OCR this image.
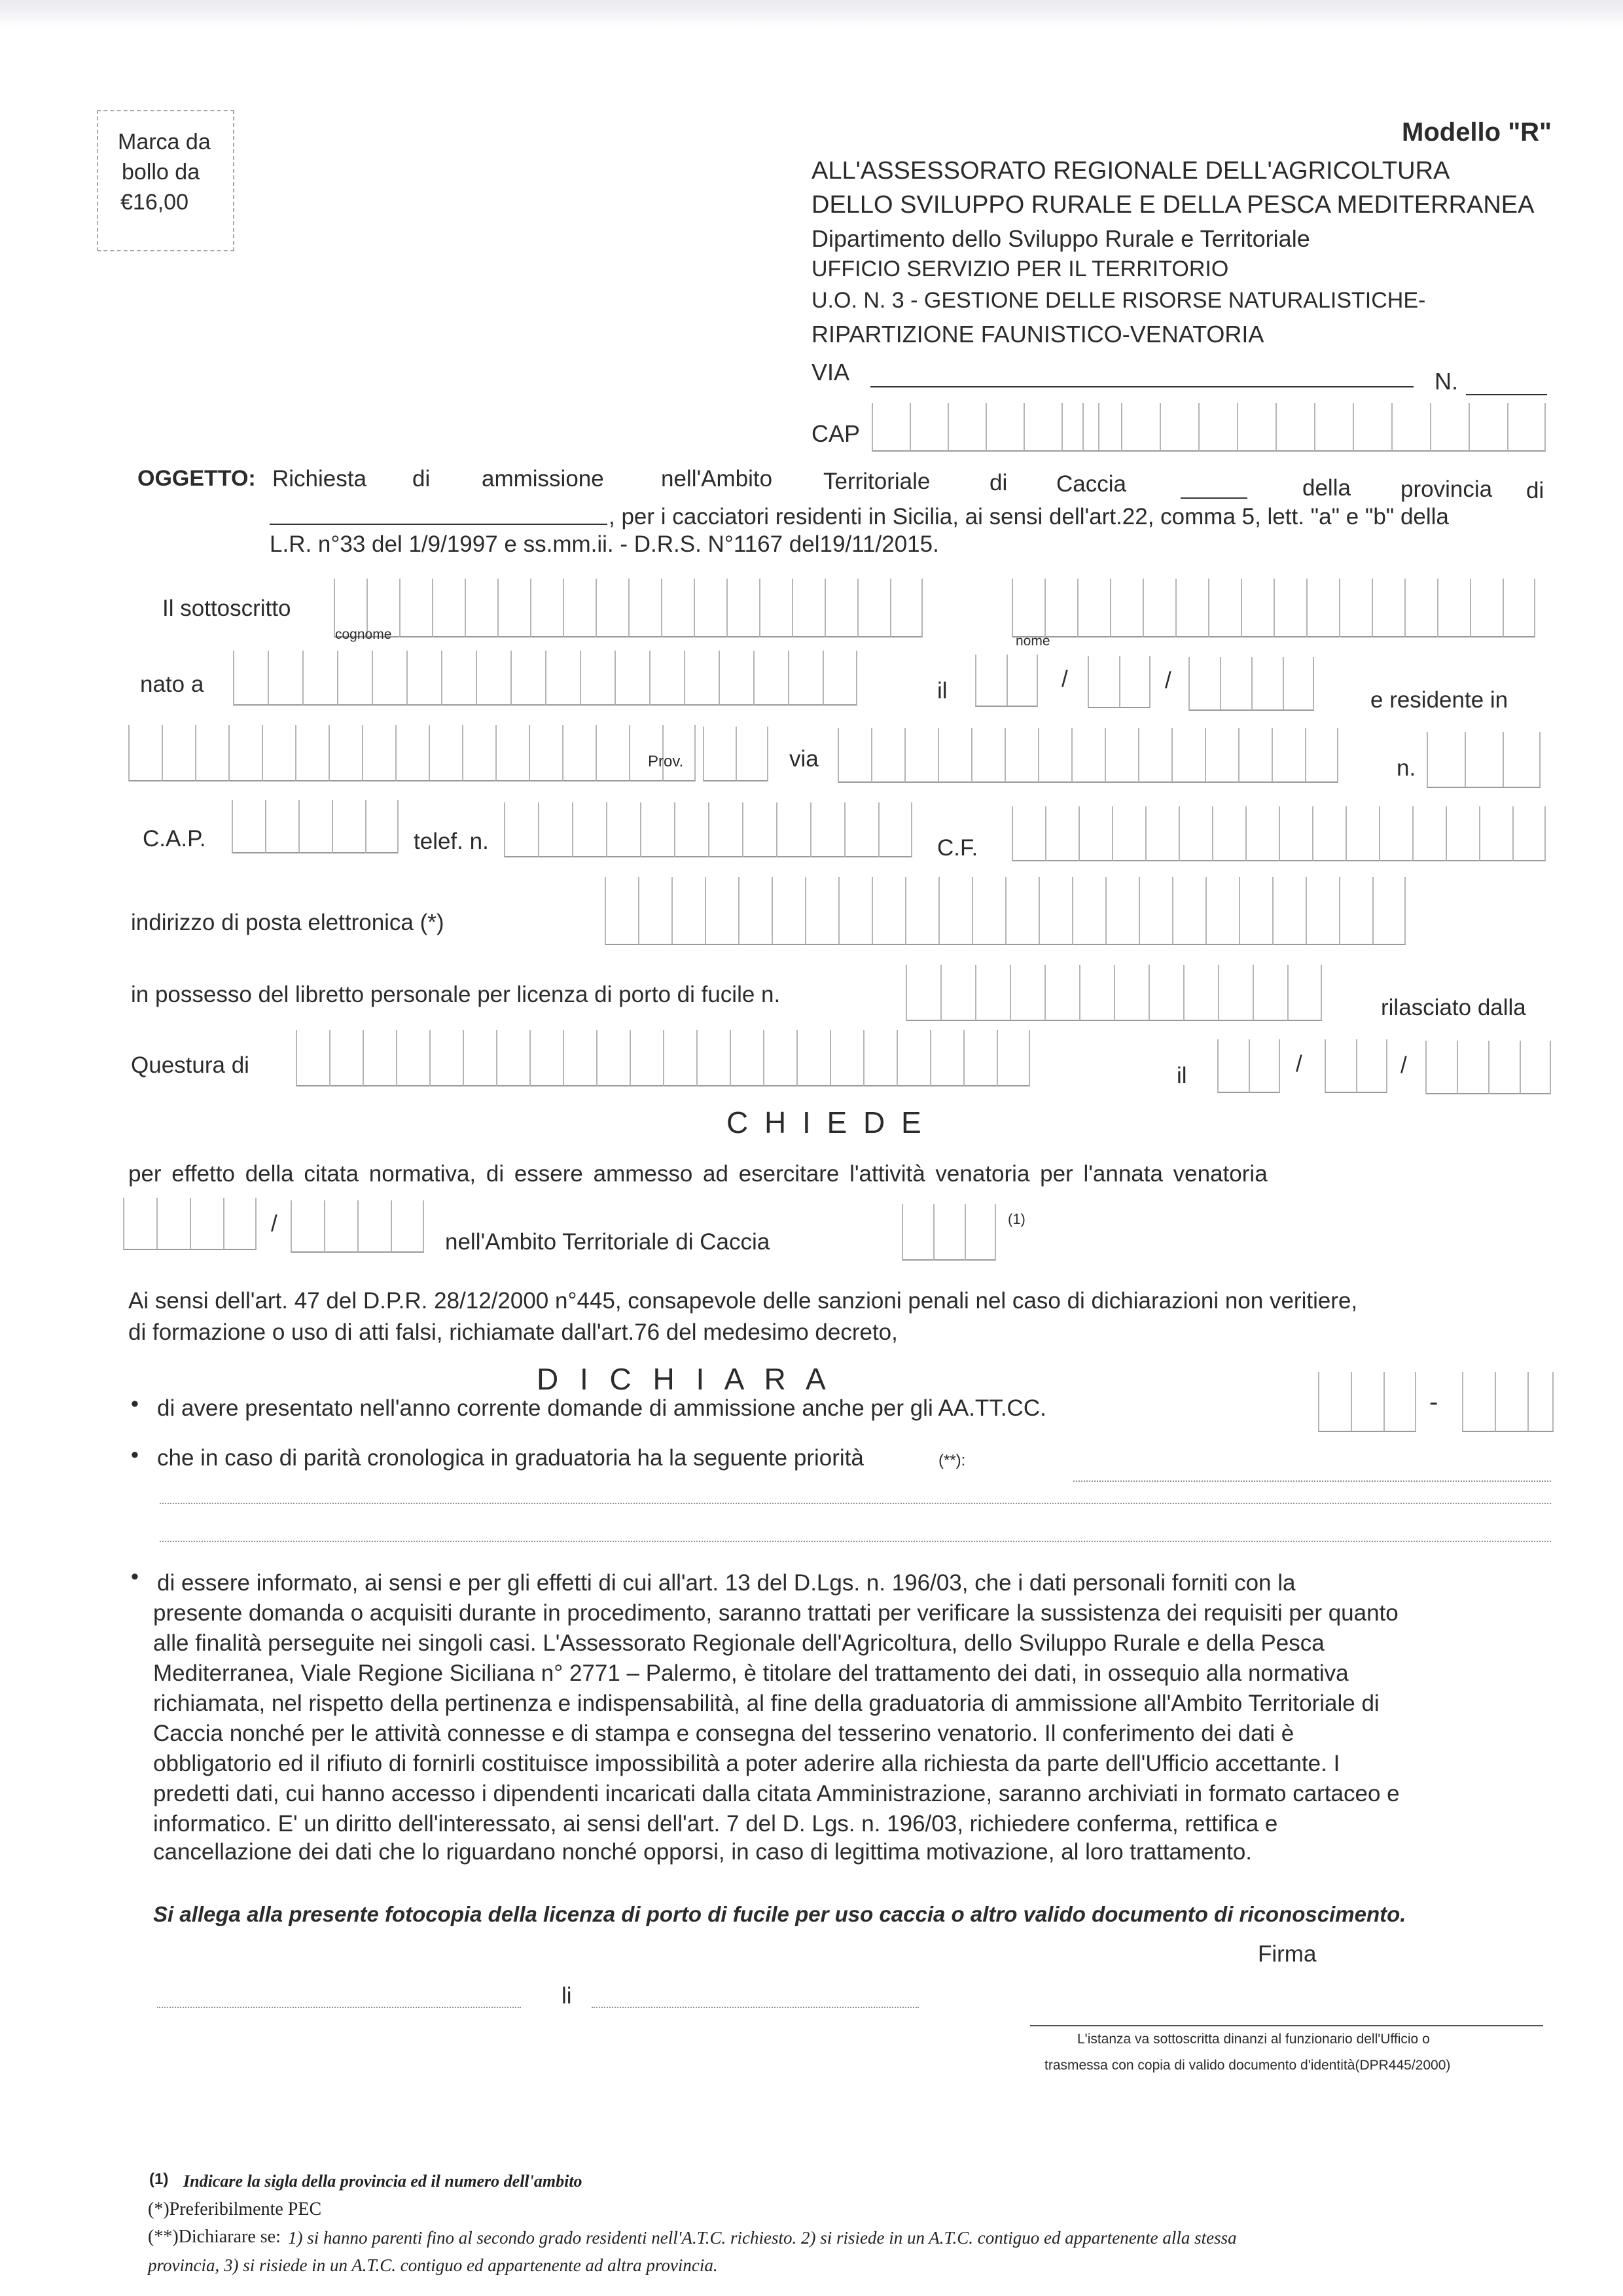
Marca da
bollo da
€16,00
Modello "R"
ALL'ASSESSORATO REGIONALE DELL'AGRICOLTURA
DELLO SVILUPPO RURALE E DELLA PESCA MEDITERRANEA
Dipartimento dello Sviluppo Rurale e Territoriale
UFFICIO SERVIZIO PER IL TERRITORIO
U.O. N. 3 - GESTIONE DELLE RISORSE NATURALISTICHE-
RIPARTIZIONE FAUNISTICO-VENATORIA
VIA	N.
CAP
OGGETTO: Richiesta di ammissione nell'Ambito Territoriale	di Caccia	della provincia di
, per i cacciatori residenti in Sicilia, ai sensi dell'art.22, comma 5, lett. "a" e "b" della
L.R. n°33 del 1/9/1997 e ss.mm.ii. - D.R.S. N°1167 del19/11/2015.
Il sottoscritto
cognome	nome
nato a	il	/	/
e residente in
Prov.	via	n.
C.A.P.	telef. n.	C.F.
indirizzo di posta elettronica (*)
in possesso del libretto personale per licenza di porto di fucile n.
rilasciato dalla
Questura di	il	/	/
C H I E D E
per effetto della citata normativa, di essere ammesso ad esercitare l'attività venatoria per l'annata venatoria
/
nell'Ambito Territoriale di Caccia
(1)
Ai sensi dell'art. 47 del D.P.R. 28/12/2000 n°445, consapevole delle sanzioni penali nel caso di dichiarazioni non veritiere,
di formazione o uso di atti falsi, richiamate dall'art.76 del medesimo decreto,
D I C H I A R A
• di avere presentato nell'anno corrente domande di ammissione anche per gli AA.TT.CC.	-
• che in caso di parità cronologica in graduatoria ha la seguente priorità	(**):
• di essere informato, ai sensi e per gli effetti di cui all'art. 13 del D.Lgs. n. 196/03, che i dati personali forniti con la
presente domanda o acquisiti durante in procedimento, saranno trattati per verificare la sussistenza dei requisiti per quanto
alle finalità perseguite nei singoli casi. L'Assessorato Regionale dell'Agricoltura, dello Sviluppo Rurale e della Pesca
Mediterranea, Viale Regione Siciliana n° 2771 – Palermo, è titolare del trattamento dei dati, in ossequio alla normativa
richiamata, nel rispetto della pertinenza e indispensabilità, al fine della graduatoria di ammissione all'Ambito Territoriale di
Caccia nonché per le attività connesse e di stampa e consegna del tesserino venatorio. Il conferimento dei dati è
obbligatorio ed il rifiuto di fornirli costituisce impossibilità a poter aderire alla richiesta da parte dell'Ufficio accettante. I
predetti dati, cui hanno accesso i dipendenti incaricati dalla citata Amministrazione, saranno archiviati in formato cartaceo e
informatico. E' un diritto dell'interessato, ai sensi dell'art. 7 del D. Lgs. n. 196/03, richiedere conferma, rettifica e
cancellazione dei dati che lo riguardano nonché opporsi, in caso di legittima motivazione, al loro trattamento.
Si allega alla presente fotocopia della licenza di porto di fucile per uso caccia o altro valido documento di riconoscimento.
Firma
li
L'istanza va sottoscritta dinanzi al funzionario dell'Ufficio o
trasmessa con copia di valido documento d'identità(DPR445/2000)
(1) Indicare la sigla della provincia ed il numero dell'ambito
(*)Preferibilmente PEC
(**)Dichiarare se: 1) si hanno parenti fino al secondo grado residenti nell'A.T.C. richiesto. 2) si risiede in un A.T.C. contiguo ed appartenente alla stessa
provincia, 3) si risiede in un A.T.C. contiguo ed appartenente ad altra provincia.
